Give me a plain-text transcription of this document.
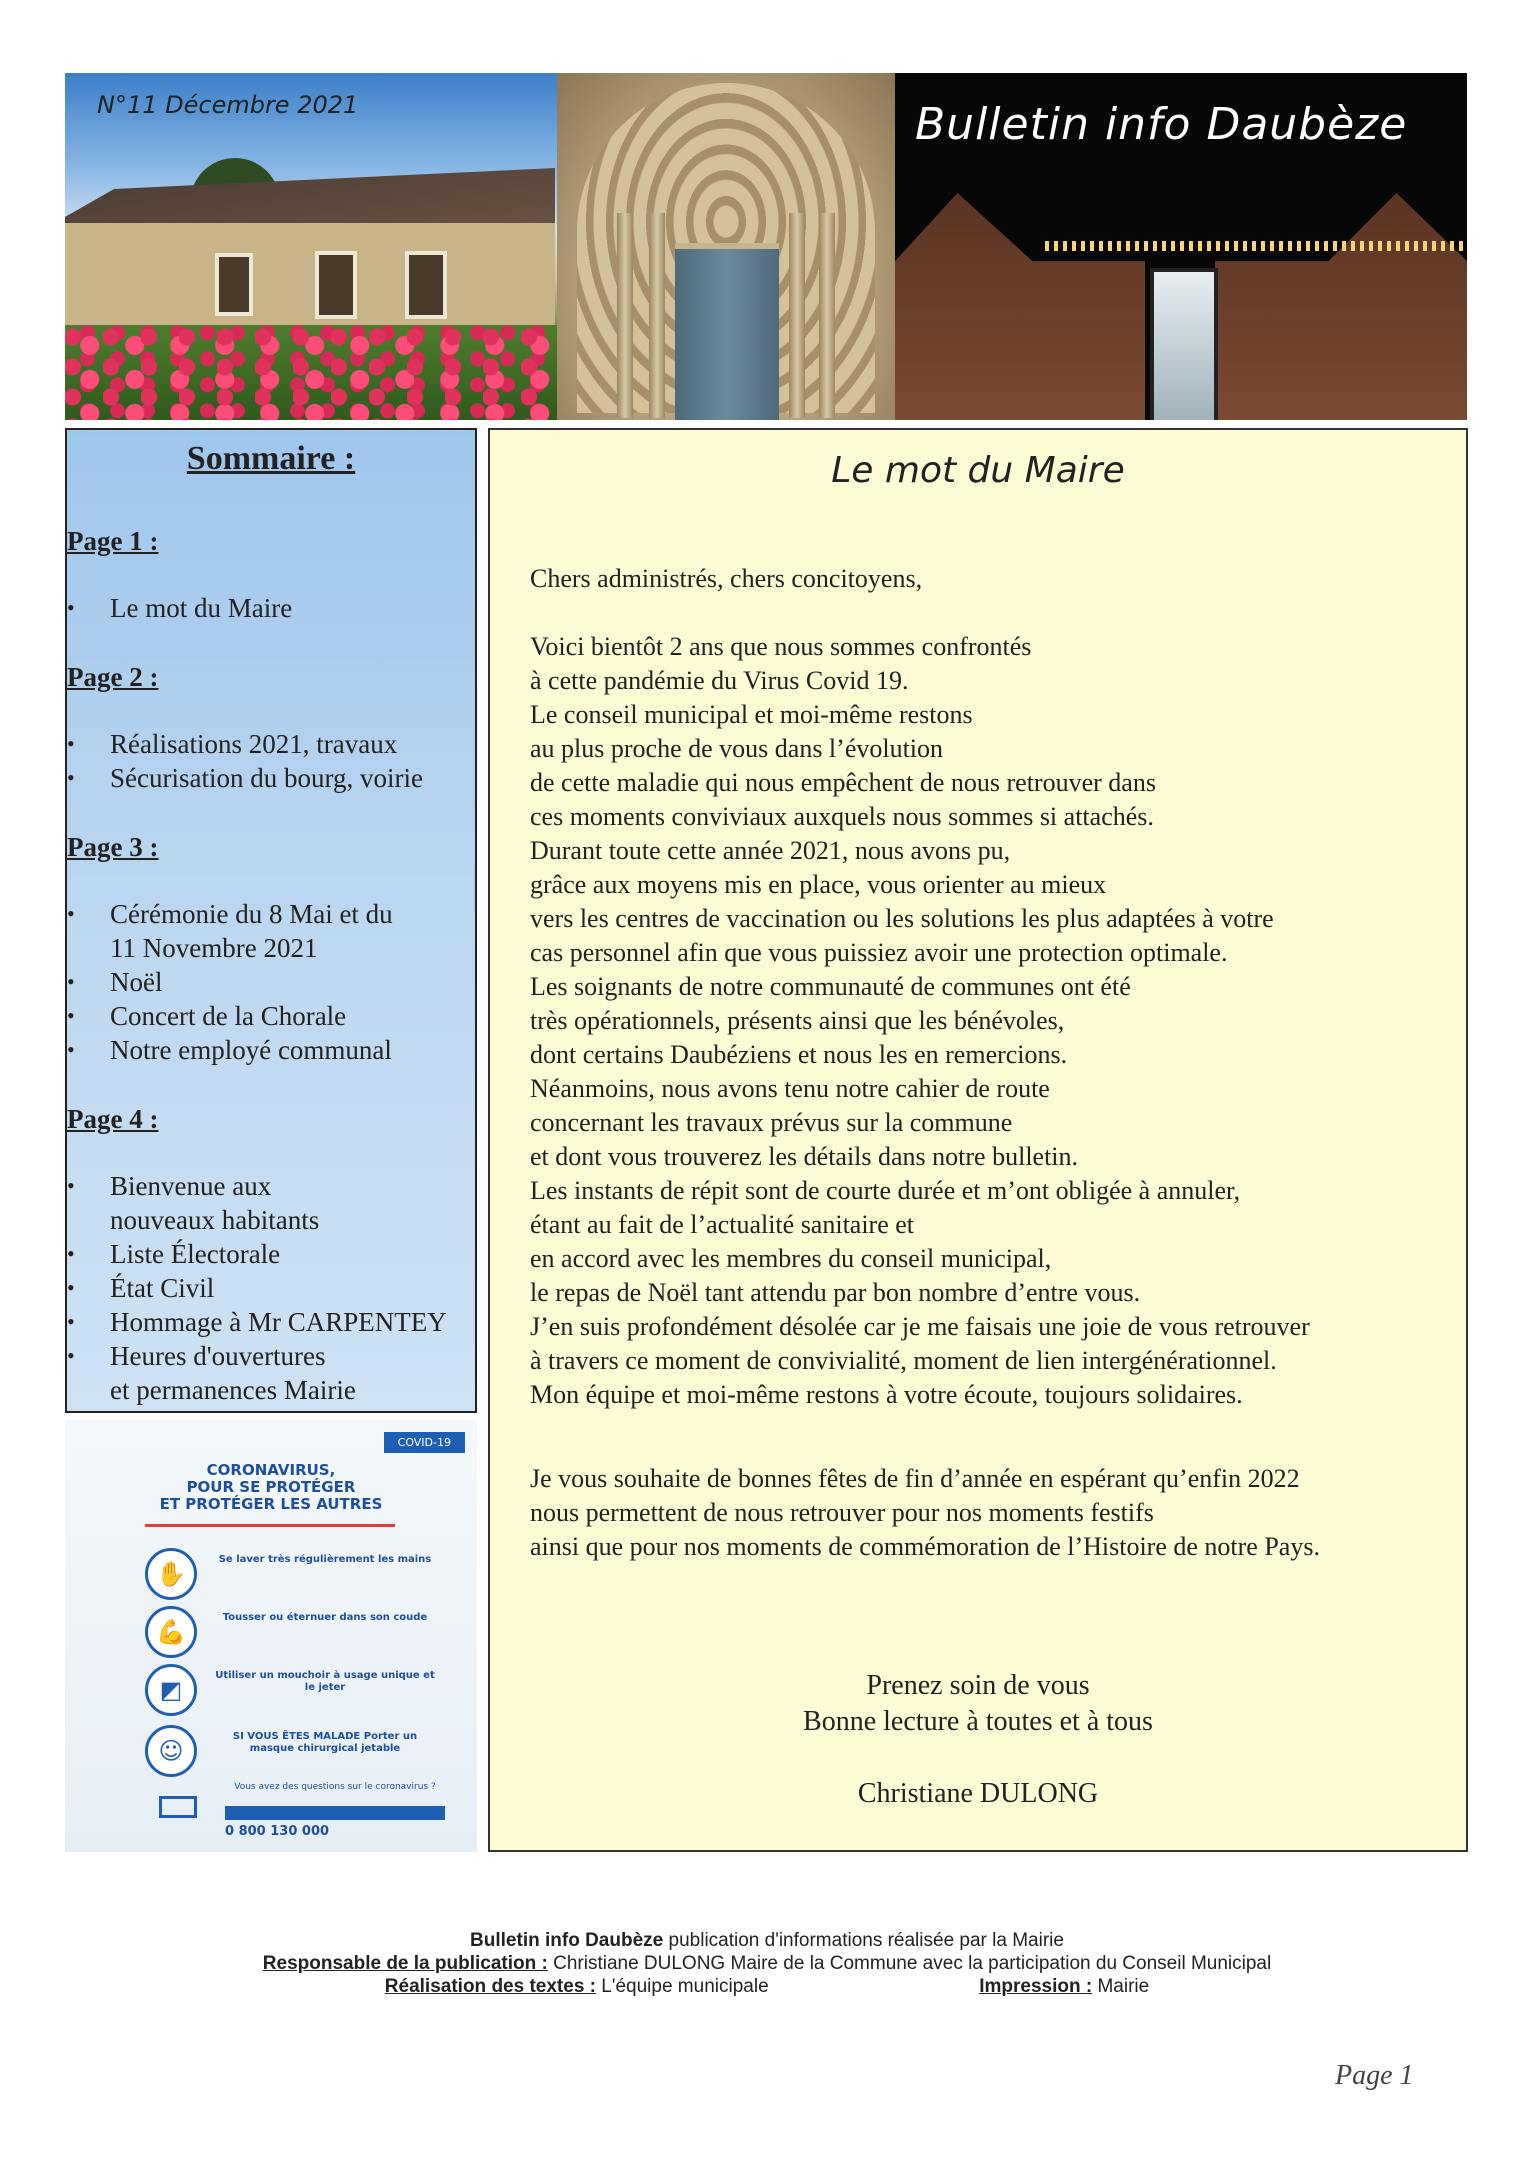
N°11 Décembre 2021	Bulletin info Daubèze
Sommaire :
Page 1 :
• Le mot du Maire
Page 2 :
• Réalisations 2021, travaux
• Sécurisation du bourg, voirie
Page 3 :
• Cérémonie du 8 Mai et du
11 Novembre 2021
• Noël
• Concert de la Chorale
• Notre employé communal
Page 4 :
• Bienvenue aux
nouveaux habitants
• Liste Électorale
• État Civil
• Hommage à Mr CARPENTEY
• Heures d'ouvertures
et permanences Mairie
COVID-19
CORONAVIRUS,
POUR SE PROTÉGER
ET PROTÉGER LES AUTRES
✋
Se laver très régulièrement les mains
💪
Tousser ou éternuer dans son coude
◩
Utiliser un mouchoir à usage unique et le jeter
☺
SI VOUS ÊTES MALADE Porter un masque chirurgical jetable
Vous avez des questions sur le coronavirus ?
0 800 130 000
Le mot du Maire

Chers administrés, chers concitoyens,

Voici bientôt 2 ans que nous sommes confrontés

à cette pandémie du Virus Covid 19.

Le conseil municipal et moi-même restons

au plus proche de vous dans l’évolution

de cette maladie qui nous empêchent de nous retrouver dans

ces moments conviviaux auxquels nous sommes si attachés.

Durant toute cette année 2021, nous avons pu,

grâce aux moyens mis en place, vous orienter au mieux

vers les centres de vaccination ou les solutions les plus adaptées à votre

cas personnel afin que vous puissiez avoir une protection optimale.

Les soignants de notre communauté de communes ont été

très opérationnels, présents ainsi que les bénévoles,

dont certains Daubéziens et nous les en remercions.

Néanmoins, nous avons tenu notre cahier de route

concernant les travaux prévus sur la commune

et dont vous trouverez les détails dans notre bulletin.

Les instants de répit sont de courte durée et m’ont obligée à annuler,

étant au fait de l’actualité sanitaire et

en accord avec les membres du conseil municipal,

le repas de Noël tant attendu par bon nombre d’entre vous.

J’en suis profondément désolée car je me faisais une joie de vous retrouver

à travers ce moment de convivialité, moment de lien intergénérationnel.

Mon équipe et moi-même restons à votre écoute, toujours solidaires.

Je vous souhaite de bonnes fêtes de fin d’année en espérant qu’enfin 2022

nous permettent de nous retrouver pour nos moments festifs

ainsi que pour nos moments de commémoration de l’Histoire de notre Pays.

Prenez soin de vous
Bonne lecture à toutes et à tous
Christiane DULONG
Bulletin info Daubèze publication d'informations réalisée par la Mairie
Responsable de la publication : Christiane DULONG Maire de la Commune avec la participation du Conseil Municipal
Réalisation des textes : L'équipe municipale	Impression : Mairie
Page 1
